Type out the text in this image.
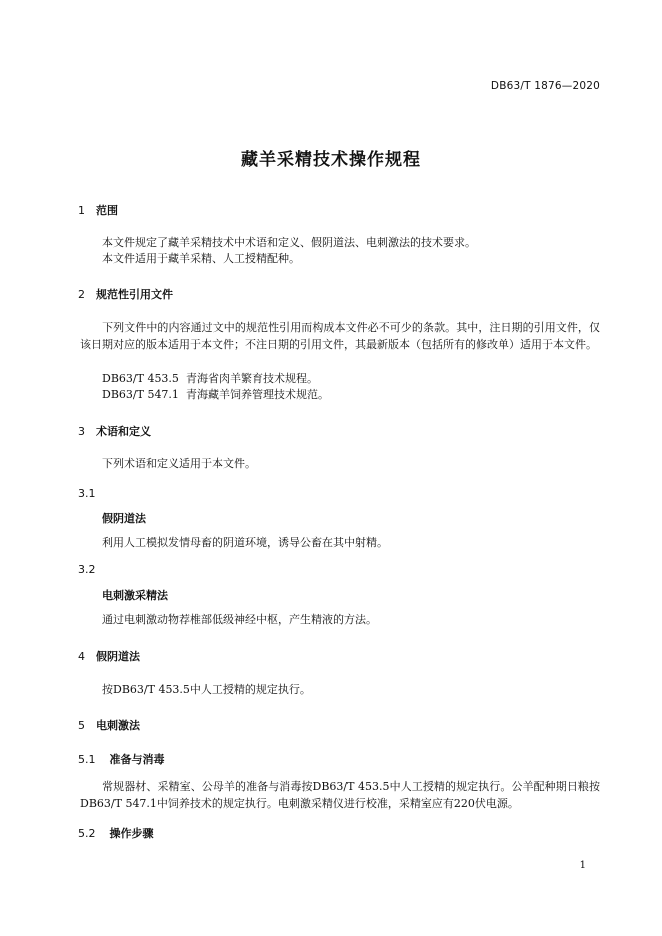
DB63/T 1876—2020
藏羊采精技术操作规程
1 范围
本文件规定了藏羊采精技术中术语和定义、假阴道法、电刺激法的技术要求。
本文件适用于藏羊采精、人工授精配种。
2 规范性引用文件
下列文件中的内容通过文中的规范性引用而构成本文件必不可少的条款。其中，注日期的引用文件，仅该日期对应的版本适用于本文件；不注日期的引用文件，其最新版本（包括所有的修改单）适用于本文件。
DB63/T 453.5 青海省肉羊繁育技术规程。
DB63/T 547.1 青海藏羊饲养管理技术规范。
3 术语和定义
下列术语和定义适用于本文件。
3.1
假阴道法
利用人工模拟发情母畜的阴道环境，诱导公畜在其中射精。
3.2
电刺激采精法
通过电刺激动物荐椎部低级神经中枢，产生精液的方法。
4 假阴道法
按DB63/T 453.5中人工授精的规定执行。
5 电刺激法
5.1 准备与消毒
常规器材、采精室、公母羊的准备与消毒按DB63/T 453.5中人工授精的规定执行。公羊配种期日粮按DB63/T 547.1中饲养技术的规定执行。电刺激采精仪进行校准，采精室应有220伏电源。
5.2 操作步骤
1
